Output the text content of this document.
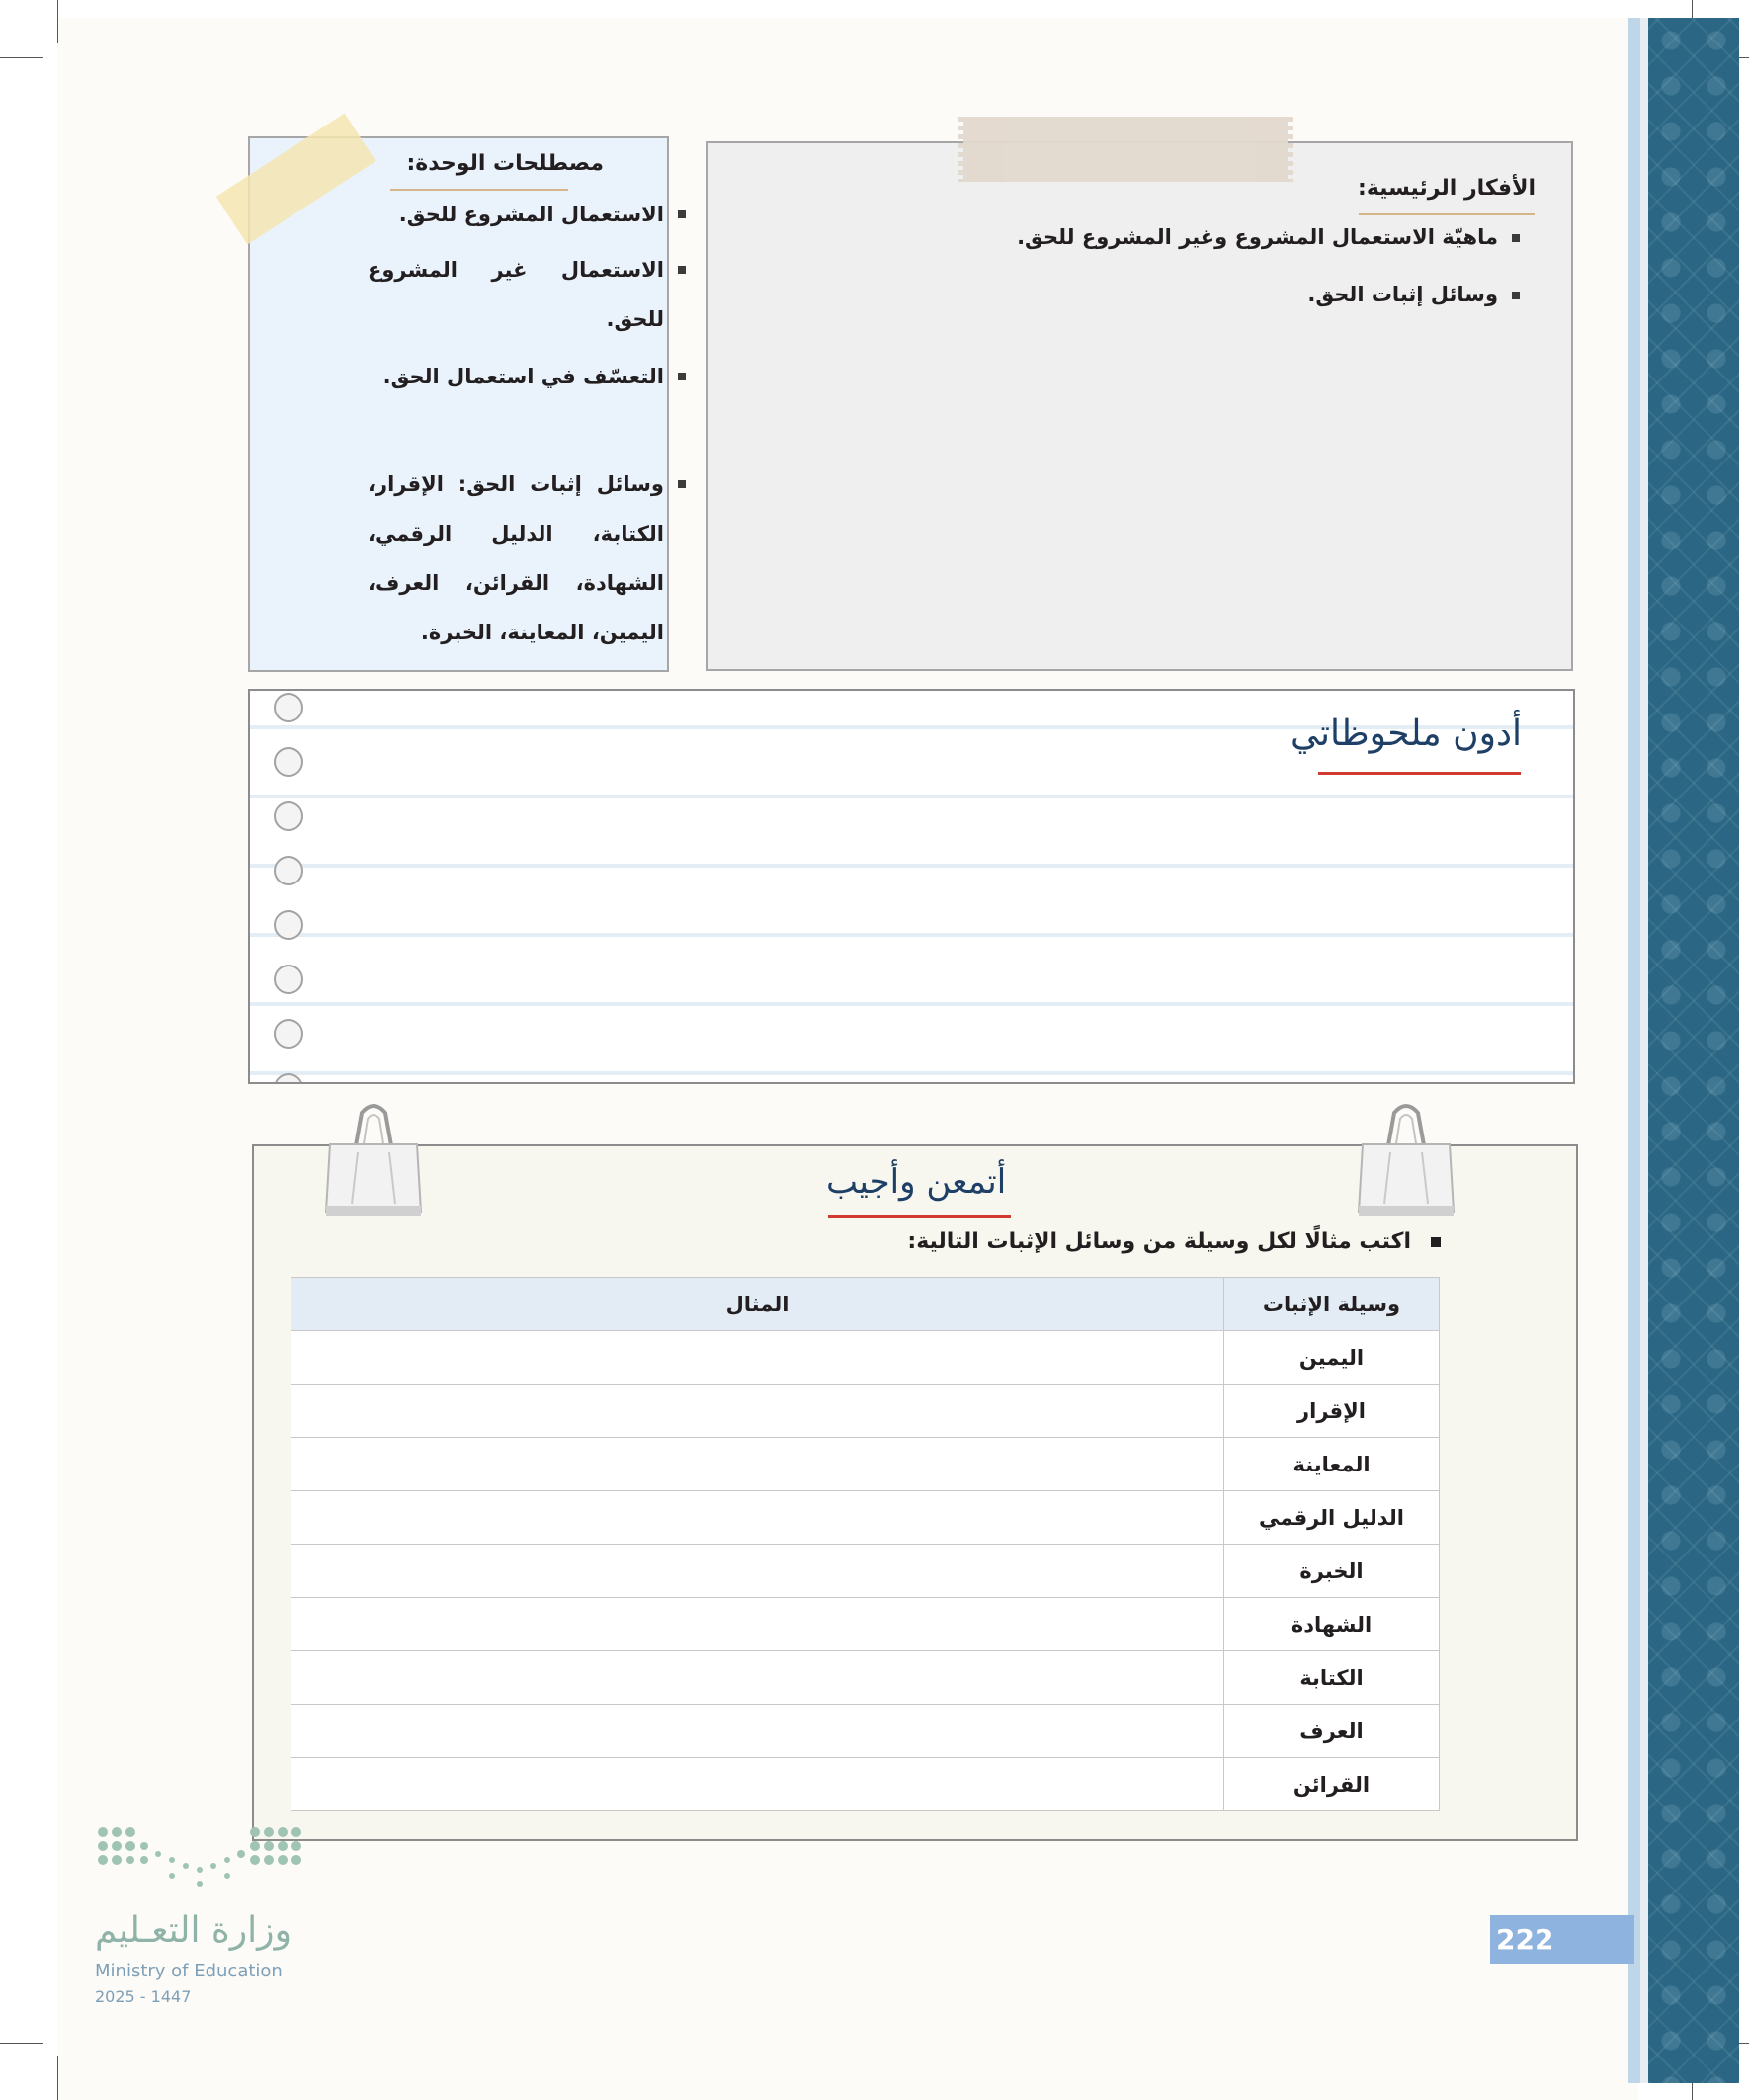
الأفكار الرئيسية:
ماهيّة الاستعمال المشروع وغير المشروع للحق.
وسائل إثبات الحق.
مصطلحات الوحدة:
الاستعمال المشروع للحق.
الاستعمال غير المشروع للحق.
التعسّف في استعمال الحق.
وسائل إثبات الحق: الإقرار، الكتابة، الدليل الرقمي، الشهادة، القرائن، العرف، اليمين، المعاينة، الخبرة.
أدون ملحوظاتي
أتمعن وأجيب
اكتب مثالًا لكل وسيلة من وسائل الإثبات التالية:
وسيلة الإثبات	المثال
اليمين	
الإقرار	
المعاينة	
الدليل الرقمي	
الخبرة	
الشهادة	
الكتابة	
العرف	
القرائن	
وزارة التعـليم
Ministry of Education
2025 - 1447
222
